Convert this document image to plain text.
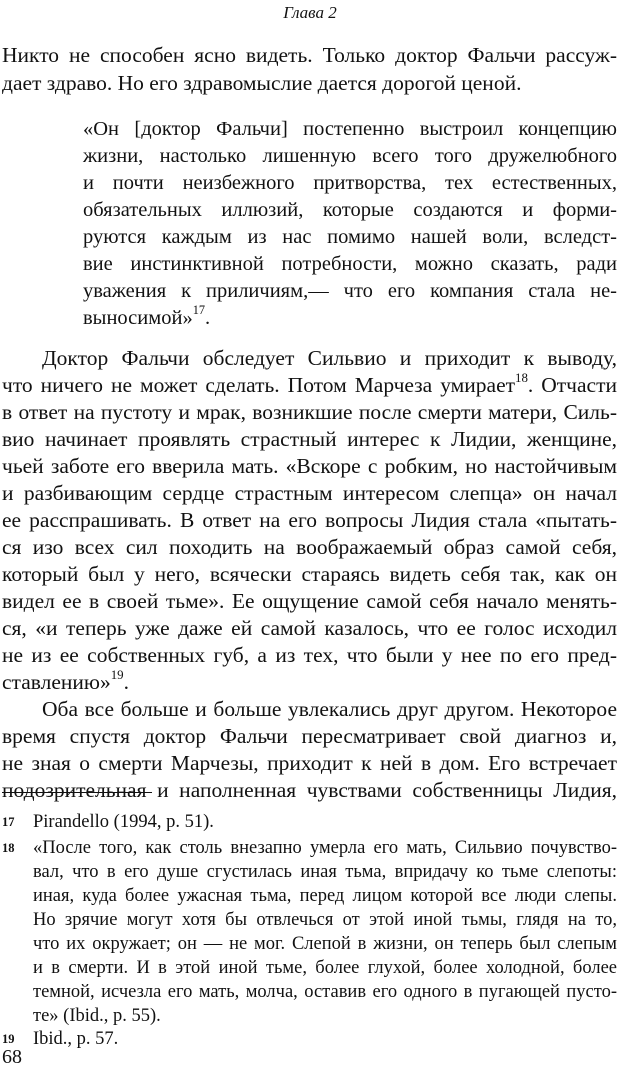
Глава 2
Никто не способен ясно видеть. Только доктор Фальчи рассуж-
дает здраво. Но его здравомыслие дается дорогой ценой.
«Он [доктор Фальчи] постепенно выстроил концепцию
жизни, настолько лишенную всего того дружелюбного
и почти неизбежного притворства, тех естественных,
обязательных иллюзий, которые создаются и форми-
руются каждым из нас помимо нашей воли, вследст-
вие инстинктивной потребности, можно сказать, ради
уважения к приличиям,— что его компания стала не-
выносимой»$^{17}$.
Доктор Фальчи обследует Сильвио и приходит к выводу,
что ничего не может сделать. Потом Марчеза умирает$^{18}$. Отчасти
в ответ на пустоту и мрак, возникшие после смерти матери, Силь-
вио начинает проявлять страстный интерес к Лидии, женщине,
чьей заботе его вверила мать. «Вскоре с робким, но настойчивым
и разбивающим сердце страстным интересом слепца» он начал
ее расспрашивать. В ответ на его вопросы Лидия стала «пытать-
ся изо всех сил походить на воображаемый образ самой себя,
который был у него, всячески стараясь видеть себя так, как он
видел ее в своей тьме». Ее ощущение самой себя начало менять-
ся, «и теперь уже даже ей самой казалось, что ее голос исходил
не из ее собственных губ, а из тех, что были у нее по его пред-
ставлению»$^{19}$.
Оба все больше и больше увлекались друг другом. Некоторое
время спустя доктор Фальчи пересматривает свой диагноз и,
не зная о смерти Марчезы, приходит к ней в дом. Его встречает
подозрительная и наполненная чувствами собственницы Лидия,
17 Pirandello (1994, p. 51).
18 «После того, как столь внезапно умерла его мать, Сильвио почувство-
вал, что в его душе сгустилась иная тьма, впридачу ко тьме слепоты:
иная, куда более ужасная тьма, перед лицом которой все люди слепы.
Но зрячие могут хотя бы отвлечься от этой иной тьмы, глядя на то,
что их окружает; он — не мог. Слепой в жизни, он теперь был слепым
и в смерти. И в этой иной тьме, более глухой, более холодной, более
темной, исчезла его мать, молча, оставив его одного в пугающей пусто-
те» (Ibid., p. 55).
19 Ibid., p. 57.
68
